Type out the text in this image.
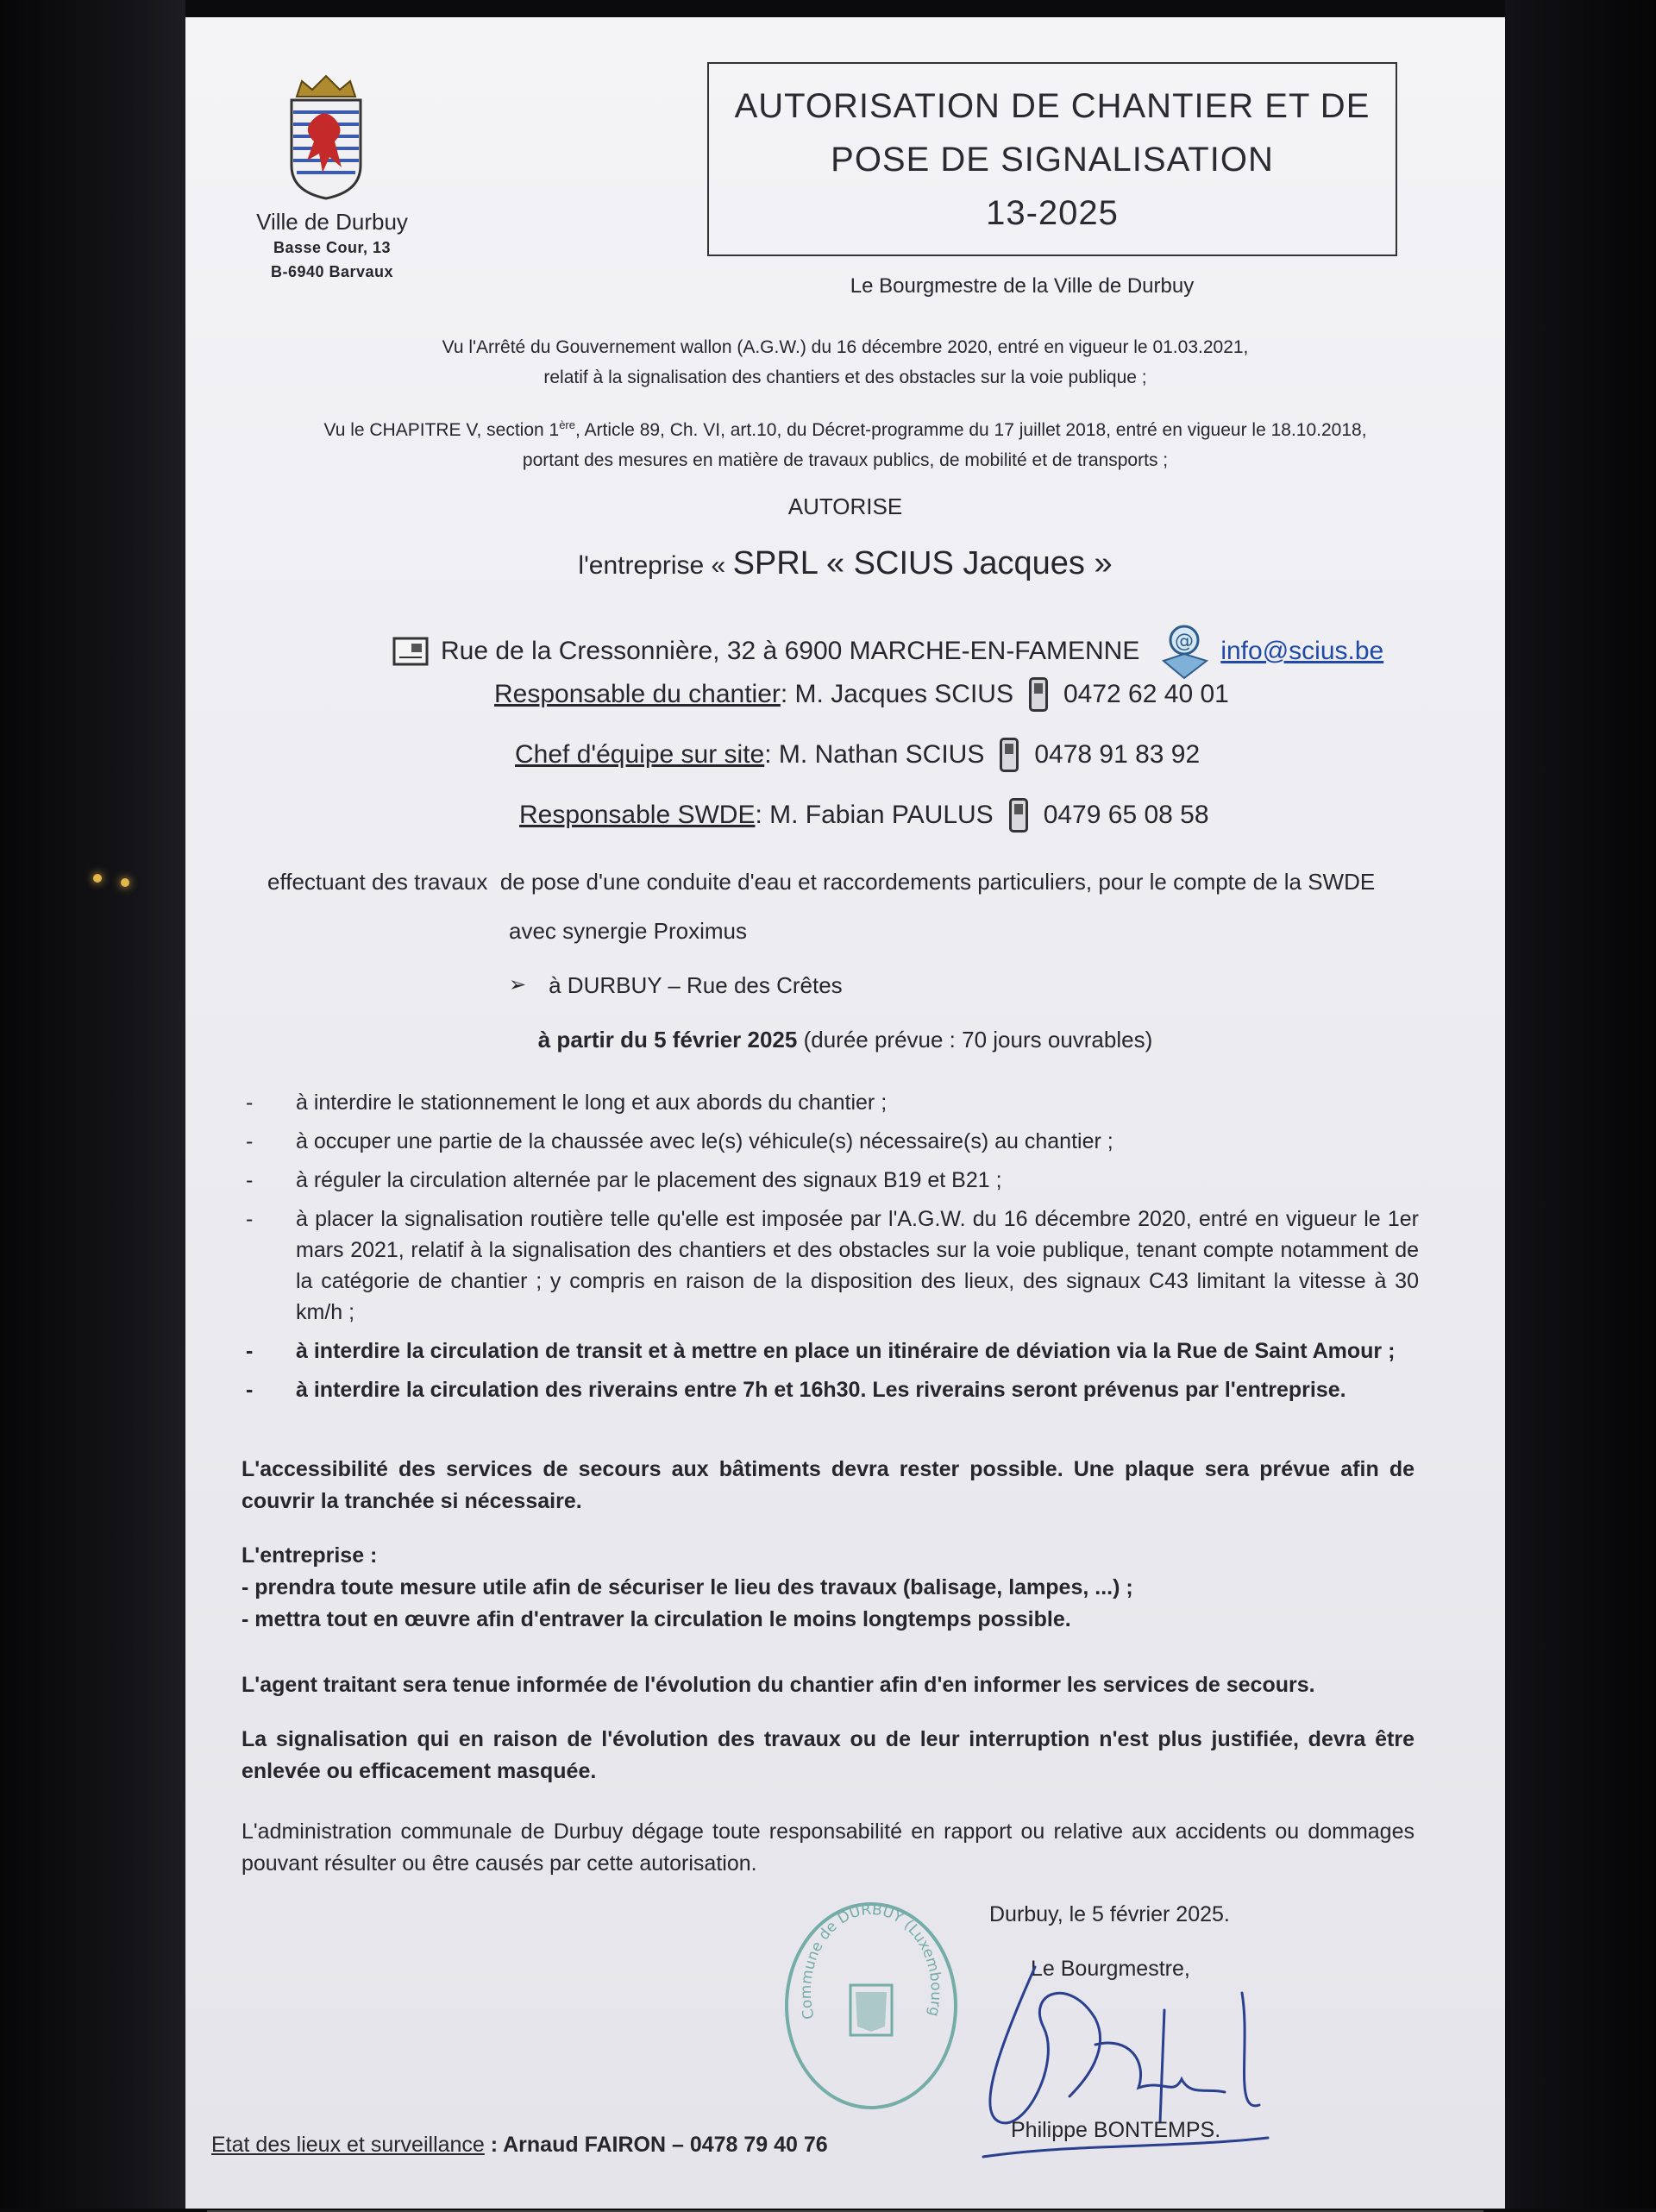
Ville de Durbuy
Basse Cour, 13
B-6940 Barvaux
AUTORISATION DE CHANTIER ET DE
POSE DE SIGNALISATION
13-2025
Le Bourgmestre de la Ville de Durbuy
Vu l'Arrêté du Gouvernement wallon (A.G.W.) du 16 décembre 2020, entré en vigueur le 01.03.2021,
relatif à la signalisation des chantiers et des obstacles sur la voie publique ;
Vu le CHAPITRE V, section 1ère, Article 89, Ch. VI, art.10, du Décret-programme du 17 juillet 2018, entré en vigueur le 18.10.2018,
portant des mesures en matière de travaux publics, de mobilité et de transports ;
AUTORISE
l'entreprise « SPRL « SCIUS Jacques »
Rue de la Cressonnière, 32 à 6900 MARCHE-EN-FAMENNE @ info@scius.be
Responsable du chantier : M. Jacques SCIUS 0472 62 40 01
Chef d'équipe sur site : M. Nathan SCIUS 0478 91 83 92
Responsable SWDE : M. Fabian PAULUS 0479 65 08 58
effectuant des travaux de pose d'une conduite d'eau et raccordements particuliers, pour le compte de la SWDE
avec synergie Proximus
➢ à DURBUY – Rue des Crêtes
à partir du 5 février 2025 (durée prévue : 70 jours ouvrables)
-	à interdire le stationnement le long et aux abords du chantier ;
-	à occuper une partie de la chaussée avec le(s) véhicule(s) nécessaire(s) au chantier ;
-	à réguler la circulation alternée par le placement des signaux B19 et B21 ;
-	à placer la signalisation routière telle qu'elle est imposée par l'A.G.W. du 16 décembre 2020, entré en vigueur le 1er mars 2021, relatif à la signalisation des chantiers et des obstacles sur la voie publique, tenant compte notamment de la catégorie de chantier ; y compris en raison de la disposition des lieux, des signaux C43 limitant la vitesse à 30 km/h ;
-	à interdire la circulation de transit et à mettre en place un itinéraire de déviation via la Rue de Saint Amour ;
-	à interdire la circulation des riverains entre 7h et 16h30. Les riverains seront prévenus par l'entreprise.
L'accessibilité des services de secours aux bâtiments devra rester possible. Une plaque sera prévue afin de couvrir la tranchée si nécessaire.
L'entreprise :
- prendra toute mesure utile afin de sécuriser le lieu des travaux (balisage, lampes, ...) ;
- mettra tout en œuvre afin d'entraver la circulation le moins longtemps possible.
L'agent traitant sera tenue informée de l'évolution du chantier afin d'en informer les services de secours.
La signalisation qui en raison de l'évolution des travaux ou de leur interruption n'est plus justifiée, devra être enlevée ou efficacement masquée.
L'administration communale de Durbuy dégage toute responsabilité en rapport ou relative aux accidents ou dommages pouvant résulter ou être causés par cette autorisation.
Durbuy, le 5 février 2025.
Le Bourgmestre,
Commune de DURBUY (Luxembourg
Philippe BONTEMPS.
Etat des lieux et surveillance : Arnaud FAIRON – 0478 79 40 76
